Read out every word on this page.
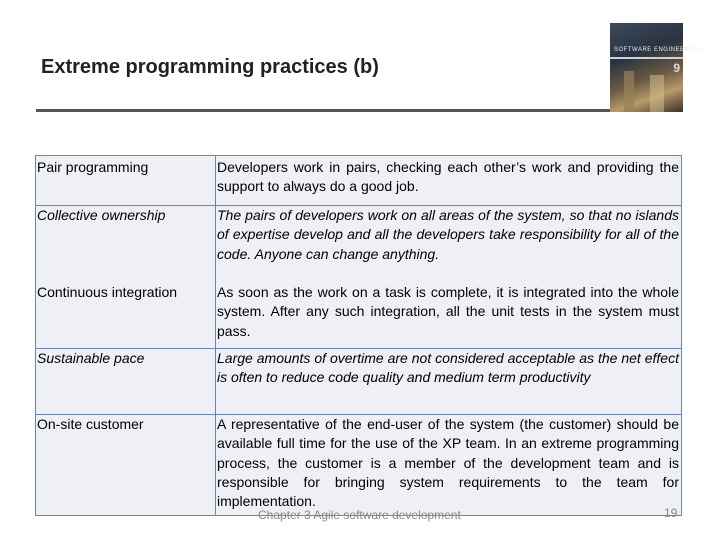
Extreme programming practices (b)
SOFTWARE ENGINEERING
9
Pair programming	Developers work in pairs, checking each other’s work and providing the support to always do a good job.
Collective ownership	The pairs of developers work on all areas of the system, so that no islands of expertise develop and all the developers take responsibility for all of the code. Anyone can change anything.
Continuous integration	As soon as the work on a task is complete, it is integrated into the whole system. After any such integration, all the unit tests in the system must pass.
Sustainable pace	Large amounts of overtime are not considered acceptable as the net effect is often to reduce code quality and medium term productivity
On-site customer	A representative of the end-user of the system (the customer) should be available full time for the use of the XP team. In an extreme programming process, the customer is a member of the development team and is responsible for bringing system requirements to the team for implementation.
Chapter 3 Agile software development	19
